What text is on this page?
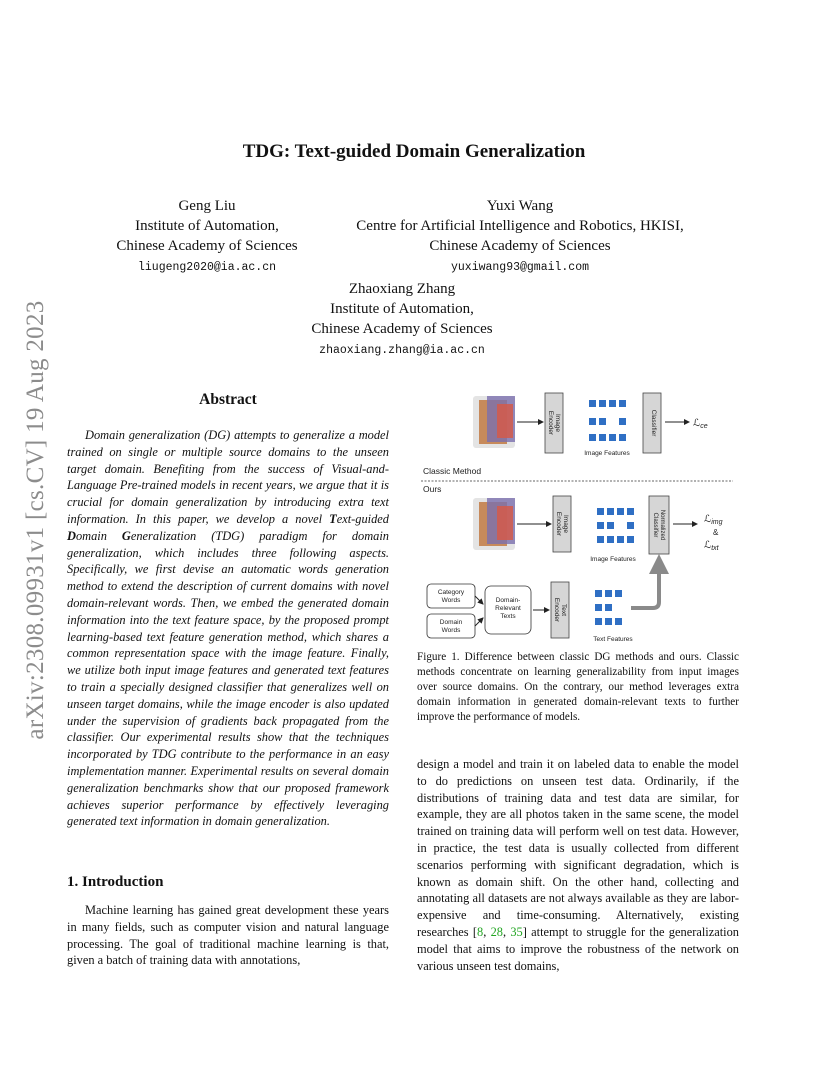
arXiv:2308.09931v1 [cs.CV] 19 Aug 2023
TDG: Text-guided Domain Generalization
Geng Liu
Institute of Automation,
Chinese Academy of Sciences
liugeng2020@ia.ac.cn
Yuxi Wang
Centre for Artificial Intelligence and Robotics, HKISI,
Chinese Academy of Sciences
yuxiwang93@gmail.com
Zhaoxiang Zhang
Institute of Automation,
Chinese Academy of Sciences
zhaoxiang.zhang@ia.ac.cn
Abstract
Domain generalization (DG) attempts to generalize a model trained on single or multiple source domains to the unseen target domain. Benefiting from the success of Visual-and-Language Pre-trained models in recent years, we argue that it is crucial for domain generalization by introducing extra text information. In this paper, we develop a novel Text-guided Domain Generalization (TDG) paradigm for domain generalization, which includes three following aspects. Specifically, we first devise an automatic words generation method to extend the description of current domains with novel domain-relevant words. Then, we embed the generated domain information into the text feature space, by the proposed prompt learning-based text feature generation method, which shares a common representation space with the image feature. Finally, we utilize both input image features and generated text features to train a specially designed classifier that generalizes well on unseen target domains, while the image encoder is also updated under the supervision of gradients back propagated from the classifier. Our experimental results show that the techniques incorporated by TDG contribute to the performance in an easy implementation manner. Experimental results on several domain generalization benchmarks show that our proposed framework achieves superior performance by effectively leveraging generated text information in domain generalization.
1. Introduction
Machine learning has gained great development these years in many fields, such as computer vision and natural language processing. The goal of traditional machine learning is that, given a batch of training data with annotations,
design a model and train it on labeled data to enable the model to do predictions on unseen test data. Ordinarily, if the distributions of training data and test data are similar, for example, they are all photos taken in the same scene, the model trained on training data will perform well on test data. However, in practice, the test data is usually collected from different scenarios performing with significant degradation, which is known as domain shift. On the other hand, collecting and annotating all datasets are not always available as they are labor-expensive and time-consuming. Alternatively, existing researches [8, 28, 35] attempt to struggle for the generalization model that aims to improve the robustness of the network on various unseen test domains,
ImageEncoder
Image Features
Classifier	ℒ$_{ce}$
Classic Method
Ours
ImageEncoder
Image Features
NormalizedClassifier	ℒ$_{img}$
&
ℒ$_{txt}$
Category Words
Domain Words
Domain-Relevant Texts
TextEncoder
Text Features
Figure 1. Difference between classic DG methods and ours. Classic methods concentrate on learning generalizability from input images over source domains. On the contrary, our method leverages extra domain information in generated domain-relevant texts to further improve the performance of models.
